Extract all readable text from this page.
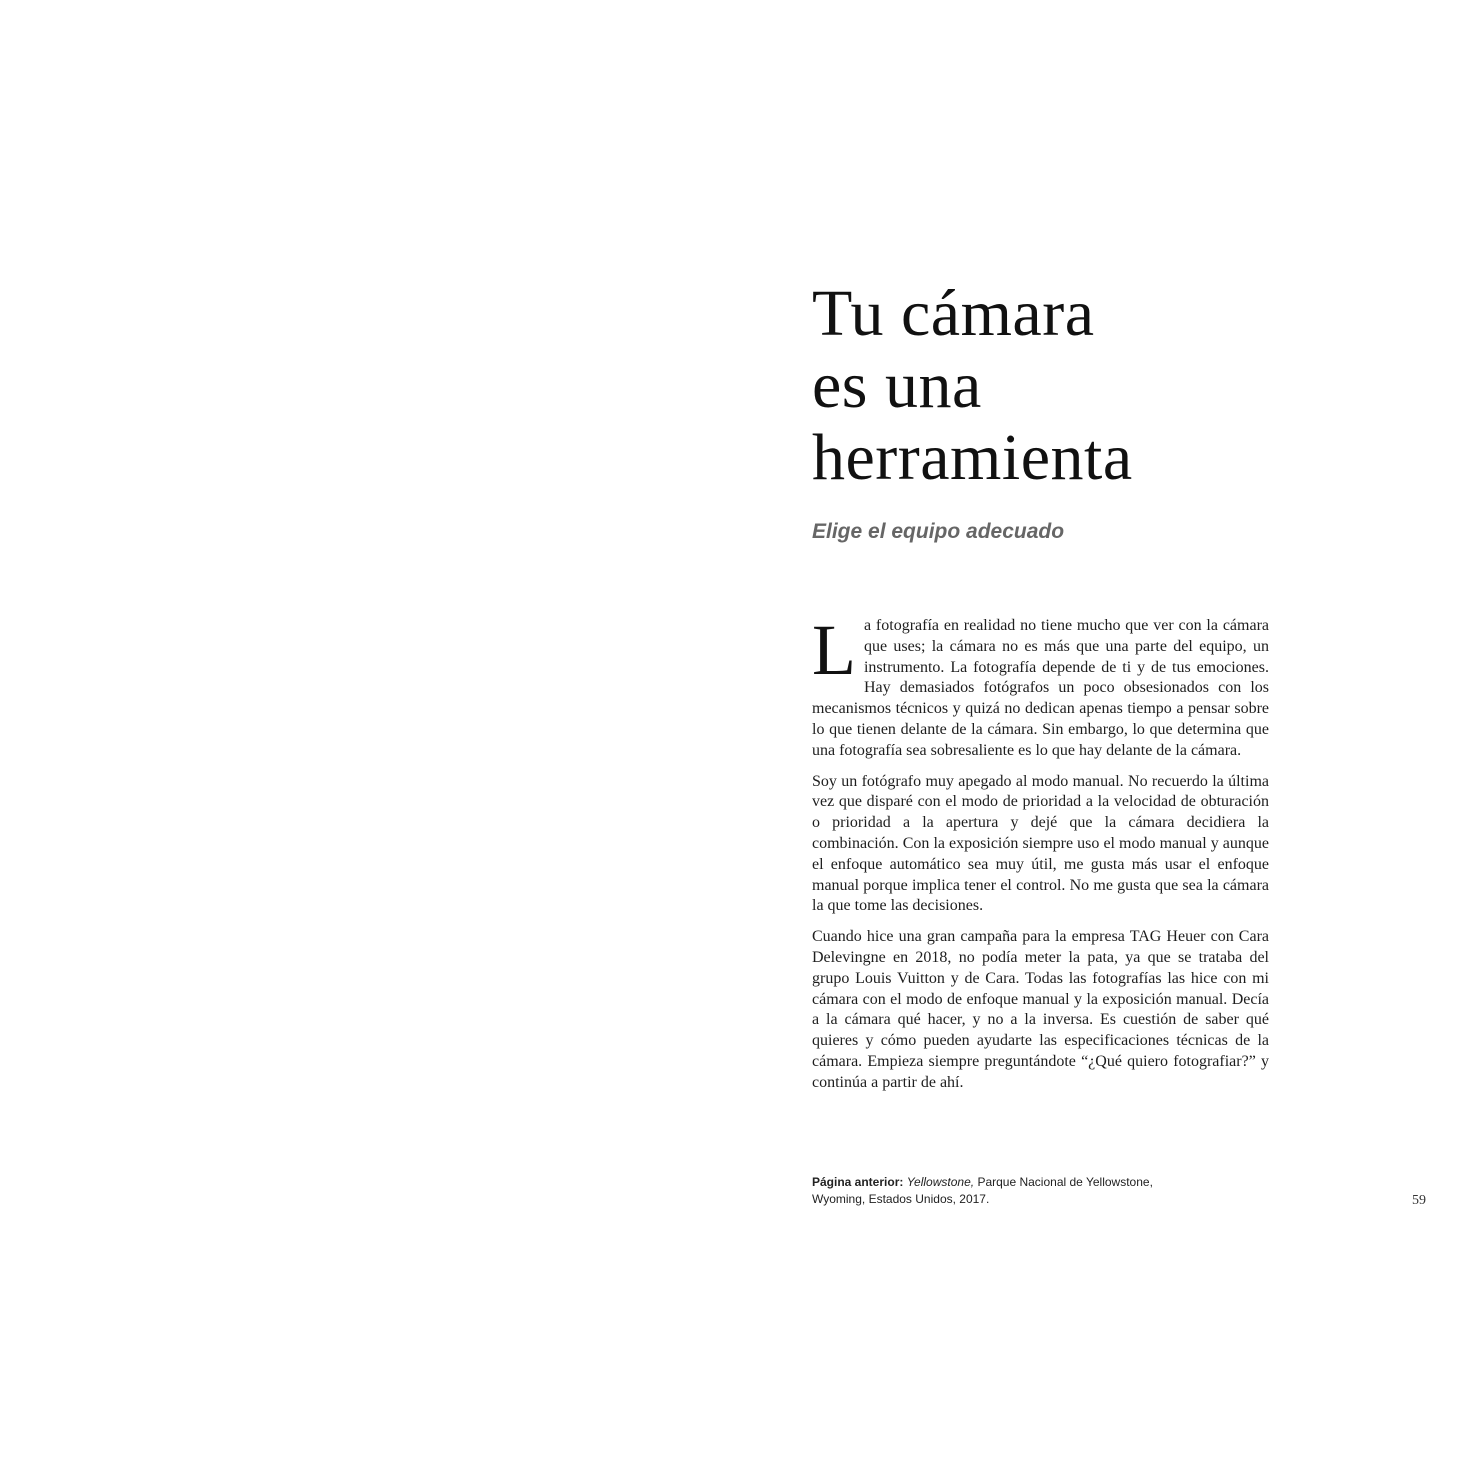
Tu cámara
es una
herramienta
Elige el equipo adecuado

La fotografía en realidad no tiene mucho que ver con la cámara que uses; la cámara no es más que una parte del equipo, un instrumento. La fotografía depende de ti y de tus emociones. Hay demasiados fotógrafos un poco obsesionados con los mecanismos técnicos y quizá no dedican apenas tiempo a pensar sobre lo que tienen delante de la cámara. Sin embargo, lo que determina que una fotografía sea sobresaliente es lo que hay delante de la cámara.

Soy un fotógrafo muy apegado al modo manual. No recuerdo la última vez que disparé con el modo de prioridad a la velocidad de obturación o prioridad a la apertura y dejé que la cámara decidiera la combinación. Con la exposición siempre uso el modo manual y aunque el enfoque automático sea muy útil, me gusta más usar el enfoque manual porque implica tener el control. No me gusta que sea la cámara la que tome las decisiones.

Cuando hice una gran campaña para la empresa TAG Heuer con Cara Delevingne en 2018, no podía meter la pata, ya que se trataba del grupo Louis Vuitton y de Cara. Todas las fotografías las hice con mi cámara con el modo de enfoque manual y la exposición manual. Decía a la cámara qué hacer, y no a la inversa. Es cuestión de saber qué quieres y cómo pueden ayudarte las especificaciones técnicas de la cámara. Empieza siempre preguntándote “¿Qué quiero fotografiar?” y continúa a partir de ahí.

Página anterior: Yellowstone, Parque Nacional de Yellowstone,
Wyoming, Estados Unidos, 2017.	59
